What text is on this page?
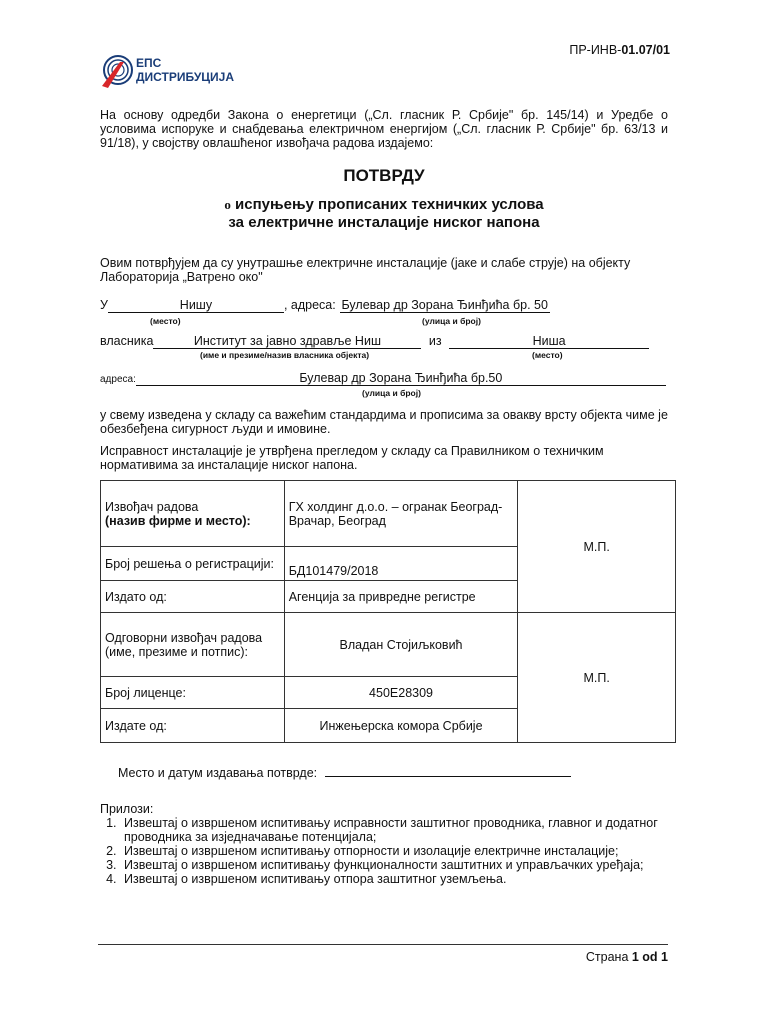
ПР-ИНВ-01.07/01
ЕПС
ДИСТРИБУЦИЈА
На основу одредби Закона о енергетици („Сл. гласник Р. Србије" бр. 145/14) и Уредбе о условима испоруке и снабдевања електричном енергијом („Сл. гласник Р. Србије" бр. 63/13 и 91/18), у својству овлашћеног извођача радова издајемо:
ПОТВРДУ
о испуњењу прописаних техничких услова
за електричне инсталације ниског напона
Овим потврђујем да су унутрашње електричне инсталације (јаке и слабе струје) на објекту Лабораторија „Ватрено око"
У	Нишу	, адреса: Булевар др Зорана Ђинђића бр. 50
(место)	(улица и број)
власника	Институт за јавно здравље Ниш	из	Ниша
(име и презиме/назив власника објекта)	(место)
адреса:	Булевар др Зорана Ђинђића бр.50
(улица и број)
у свему изведена у складу са важећим стандардима и прописима за овакву врсту објекта чиме је обезбеђена сигурност људи и имовине.
Исправност инсталације је утврђена прегледом у складу са Правилником о техничким нормативима за инсталације ниског напона.
Извођач радова
(назив фирме и место):	ГХ холдинг д.о.о. – огранак Београд-Врачар, Београд	М.П.
Број решења о регистрацији:	БД101479/2018	
Издато од:	Агенција за привредне регистре	
Одговорни извођач радова (име, презиме и потпис):	Владан Стојиљковић	М.П.
Број лиценце:	450Е28309	
Издате од:	Инжењерска комора Србије	
Место и датум издавања потврде:
Прилози:
1. Извештај о извршеном испитивању исправности заштитног проводника, главног и додатног проводника за изједначавање потенцијала;
2. Извештај о извршеном испитивању отпорности и изолације електричне инсталације;
3. Извештај о извршеном испитивању функционалности заштитних и управљачких уређаја;
4. Извештај о извршеном испитивању отпора заштитног уземљења.
Страна 1 od 1
